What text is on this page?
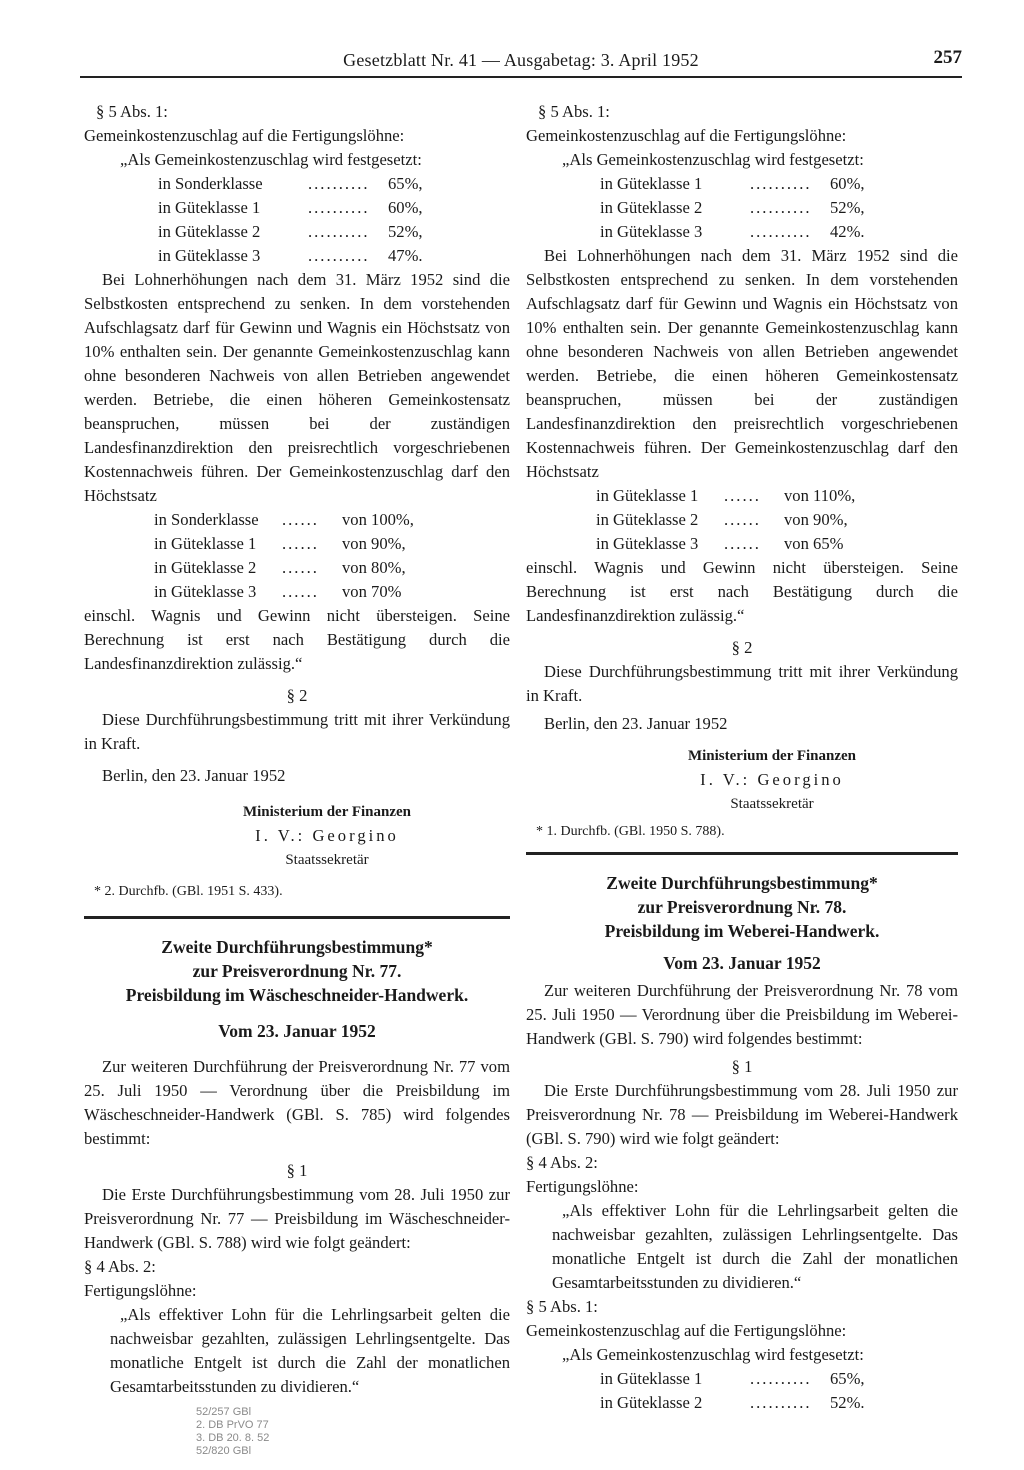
Gesetzblatt Nr. 41 — Ausgabetag: 3. April 1952	257

§ 5 Abs. 1:

Gemeinkostenzuschlag auf die Fertigungslöhne:

„Als Gemeinkostenzuschlag wird festgesetzt:

in Sonderklasse	..........	65%,
in Güteklasse 1	..........	60%,
in Güteklasse 2	..........	52%,
in Güteklasse 3	..........	47%.

Bei Lohnerhöhungen nach dem 31. März 1952 sind die Selbstkosten entsprechend zu senken. In dem vorstehenden Aufschlagsatz darf für Gewinn und Wagnis ein Höchstsatz von 10% enthalten sein. Der genannte Gemeinkostenzuschlag kann ohne besonderen Nachweis von allen Betrieben angewendet werden. Betriebe, die einen höheren Gemeinkostensatz beanspruchen, müssen bei der zuständigen Landesfinanzdirektion den preisrechtlich vorgeschriebenen Kostennachweis führen. Der Gemeinkostenzuschlag darf den Höchstsatz

in Sonderklasse	......	von 100%,
in Güteklasse 1	......	von 90%,
in Güteklasse 2	......	von 80%,
in Güteklasse 3	......	von 70%

einschl. Wagnis und Gewinn nicht übersteigen. Seine Berechnung ist erst nach Bestätigung durch die Landesfinanzdirektion zulässig.“

§ 2

Diese Durchführungsbestimmung tritt mit ihrer Verkündung in Kraft.

Berlin, den 23. Januar 1952

Ministerium der Finanzen
I. V.: Georgino
Staatssekretär

* 2. Durchfb. (GBl. 1951 S. 433).

Zweite Durchführungsbestimmung*

zur Preisverordnung Nr. 77.

Preisbildung im Wäscheschneider-Handwerk.

Vom 23. Januar 1952

Zur weiteren Durchführung der Preisverordnung Nr. 77 vom 25. Juli 1950 — Verordnung über die Preisbildung im Wäscheschneider-Handwerk (GBl. S. 785) wird folgendes bestimmt:

§ 1

Die Erste Durchführungsbestimmung vom 28. Juli 1950 zur Preisverordnung Nr. 77 — Preisbildung im Wäscheschneider-Handwerk (GBl. S. 788) wird wie folgt geändert:

§ 4 Abs. 2:

Fertigungslöhne:

„Als effektiver Lohn für die Lehrlingsarbeit gelten die nachweisbar gezahlten, zulässigen Lehrlingsentgelte. Das monatliche Entgelt ist durch die Zahl der monatlichen Gesamtarbeitsstunden zu dividieren.“

§ 5 Abs. 1:

Gemeinkostenzuschlag auf die Fertigungslöhne:

„Als Gemeinkostenzuschlag wird festgesetzt:

in Güteklasse 1	..........	60%,
in Güteklasse 2	..........	52%,
in Güteklasse 3	..........	42%.

Bei Lohnerhöhungen nach dem 31. März 1952 sind die Selbstkosten entsprechend zu senken. In dem vorstehenden Aufschlagsatz darf für Gewinn und Wagnis ein Höchstsatz von 10% enthalten sein. Der genannte Gemeinkostenzuschlag kann ohne besonderen Nachweis von allen Betrieben angewendet werden. Betriebe, die einen höheren Gemeinkostensatz beanspruchen, müssen bei der zuständigen Landesfinanzdirektion den preisrechtlich vorgeschriebenen Kostennachweis führen. Der Gemeinkostenzuschlag darf den Höchstsatz

in Güteklasse 1	......	von 110%,
in Güteklasse 2	......	von 90%,
in Güteklasse 3	......	von 65%

einschl. Wagnis und Gewinn nicht übersteigen. Seine Berechnung ist erst nach Bestätigung durch die Landesfinanzdirektion zulässig.“

§ 2

Diese Durchführungsbestimmung tritt mit ihrer Verkündung in Kraft.

Berlin, den 23. Januar 1952

Ministerium der Finanzen
I. V.: Georgino
Staatssekretär

* 1. Durchfb. (GBl. 1950 S. 788).

Zweite Durchführungsbestimmung*

zur Preisverordnung Nr. 78.

Preisbildung im Weberei-Handwerk.

Vom 23. Januar 1952

Zur weiteren Durchführung der Preisverordnung Nr. 78 vom 25. Juli 1950 — Verordnung über die Preisbildung im Weberei-Handwerk (GBl. S. 790) wird folgendes bestimmt:

§ 1

Die Erste Durchführungsbestimmung vom 28. Juli 1950 zur Preisverordnung Nr. 78 — Preisbildung im Weberei-Handwerk (GBl. S. 790) wird wie folgt geändert:

§ 4 Abs. 2:

Fertigungslöhne:

„Als effektiver Lohn für die Lehrlingsarbeit gelten die nachweisbar gezahlten, zulässigen Lehrlingsentgelte. Das monatliche Entgelt ist durch die Zahl der monatlichen Gesamtarbeitsstunden zu dividieren.“

§ 5 Abs. 1:

Gemeinkostenzuschlag auf die Fertigungslöhne:

„Als Gemeinkostenzuschlag wird festgesetzt:

in Güteklasse 1	..........	65%,
in Güteklasse 2	..........	52%.
52/257 GBl
2. DB PrVO 77
3. DB 20. 8. 52
52/820 GBl
